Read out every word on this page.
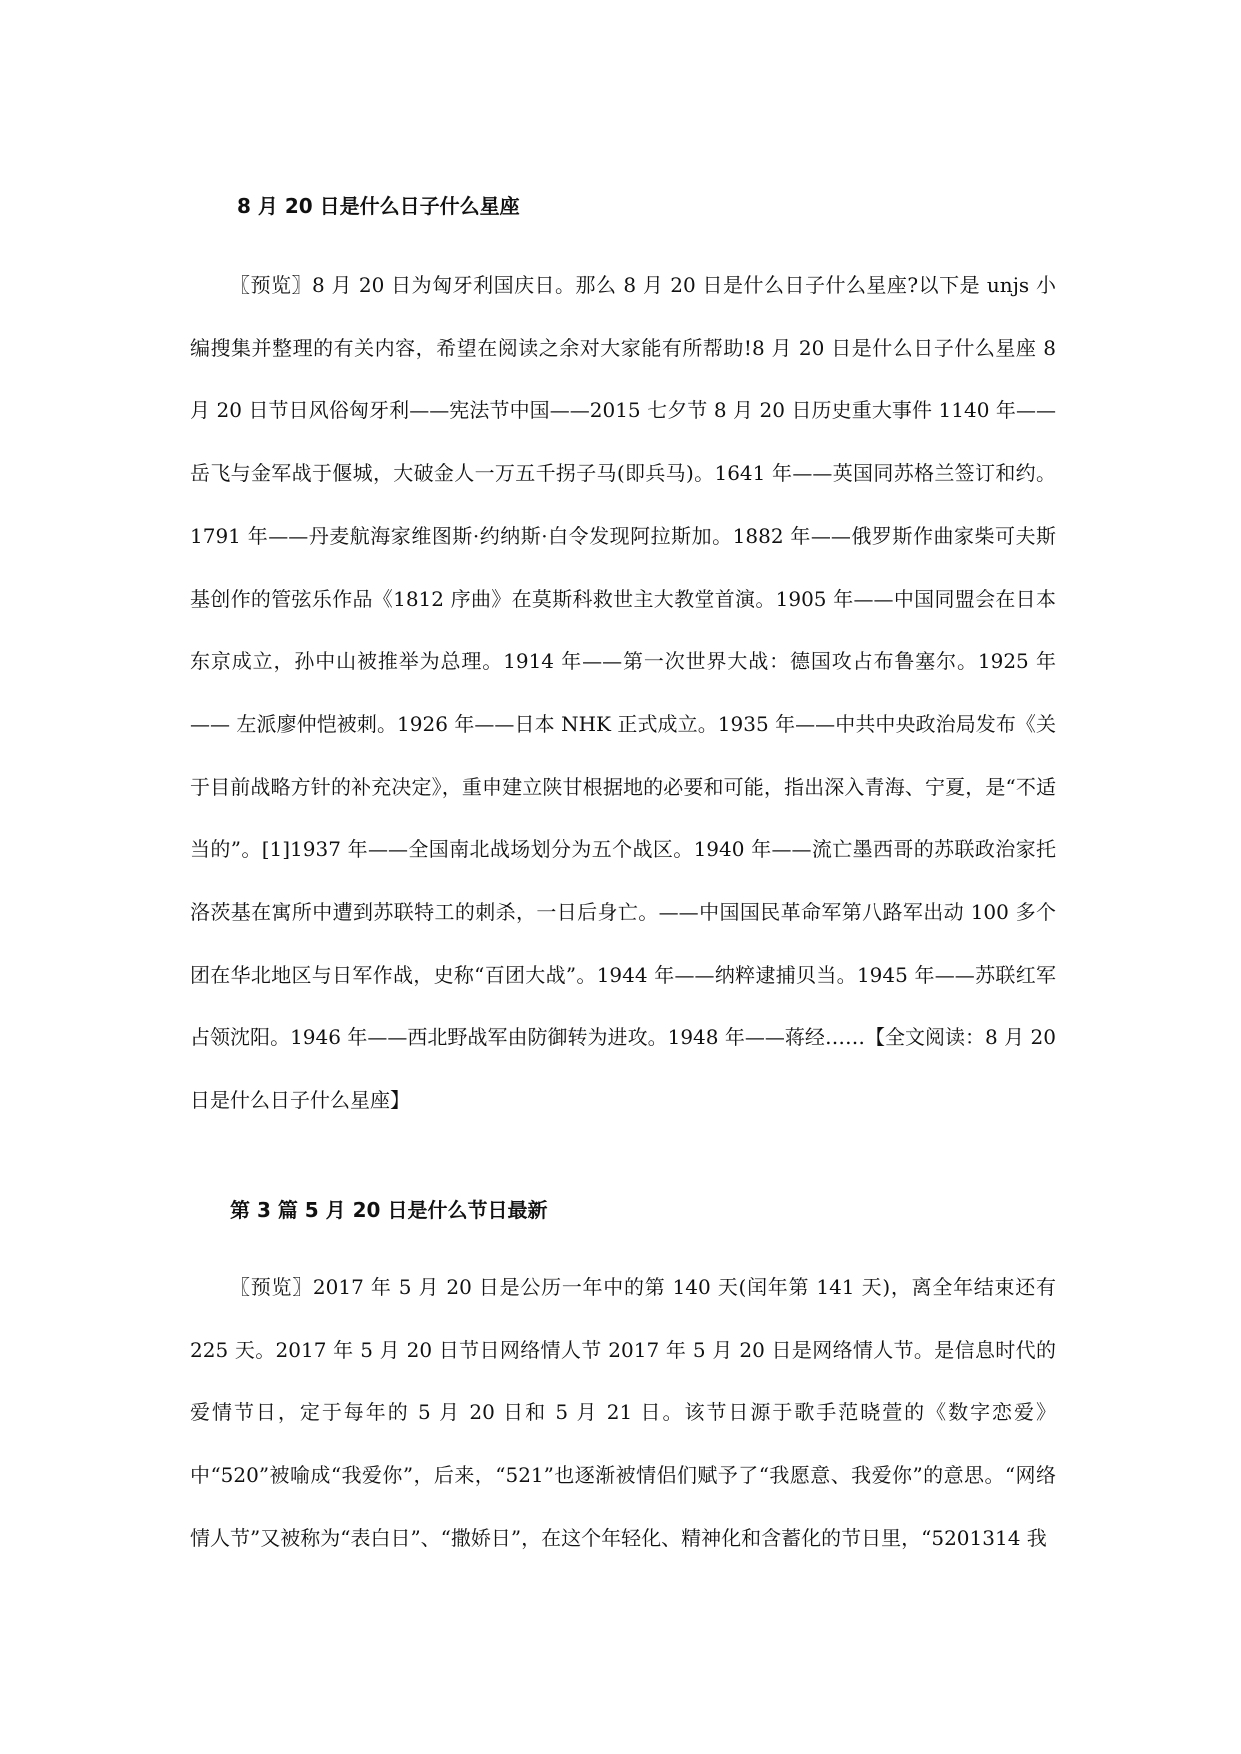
8 月 20 日是什么日子什么星座

〖预览〗8 月 20 日为匈牙利国庆日。那么 8 月 20 日是什么日子什么星座?以下是 unjs 小编搜集并整理的有关内容，希望在阅读之余对大家能有所帮助!8 月 20 日是什么日子什么星座 8 月 20 日节日风俗匈牙利——宪法节中国——2015 七夕节 8 月 20 日历史重大事件 1140 年——岳飞与金军战于偃城，大破金人一万五千拐子马(即兵马)。1641 年——英国同苏格兰签订和约。1791 年——丹麦航海家维图斯·约纳斯·白令发现阿拉斯加。1882 年——俄罗斯作曲家柴可夫斯基创作的管弦乐作品《1812 序曲》在莫斯科救世主大教堂首演。1905 年——中国同盟会在日本东京成立，孙中山被推举为总理。1914 年——第一次世界大战：德国攻占布鲁塞尔。1925 年—— 左派廖仲恺被刺。1926 年——日本 NHK 正式成立。1935 年——中共中央政治局发布《关于目前战略方针的补充决定》，重申建立陕甘根据地的必要和可能，指出深入青海、宁夏，是“不适当的”。[1]1937 年——全国南北战场划分为五个战区。1940 年——流亡墨西哥的苏联政治家托洛茨基在寓所中遭到苏联特工的刺杀，一日后身亡。——中国国民革命军第八路军出动 100 多个团在华北地区与日军作战，史称“百团大战”。1944 年——纳粹逮捕贝当。1945 年——苏联红军占领沈阳。1946 年——西北野战军由防御转为进攻。1948 年——蒋经……【全文阅读：8 月 20 日是什么日子什么星座】

第 3 篇 5 月 20 日是什么节日最新

〖预览〗2017 年 5 月 20 日是公历一年中的第 140 天(闰年第 141 天)，离全年结束还有 225 天。2017 年 5 月 20 日节日网络情人节 2017 年 5 月 20 日是网络情人节。是信息时代的爱情节日，定于每年的 5 月 20 日和 5 月 21 日。该节日源于歌手范晓萱的《数字恋爱》中“520”被喻成“我爱你”，后来，“521”也逐渐被情侣们赋予了“我愿意、我爱你”的意思。“网络情人节”又被称为“表白日”、“撒娇日”，在这个年轻化、精神化和含蓄化的节日里，“5201314 我
